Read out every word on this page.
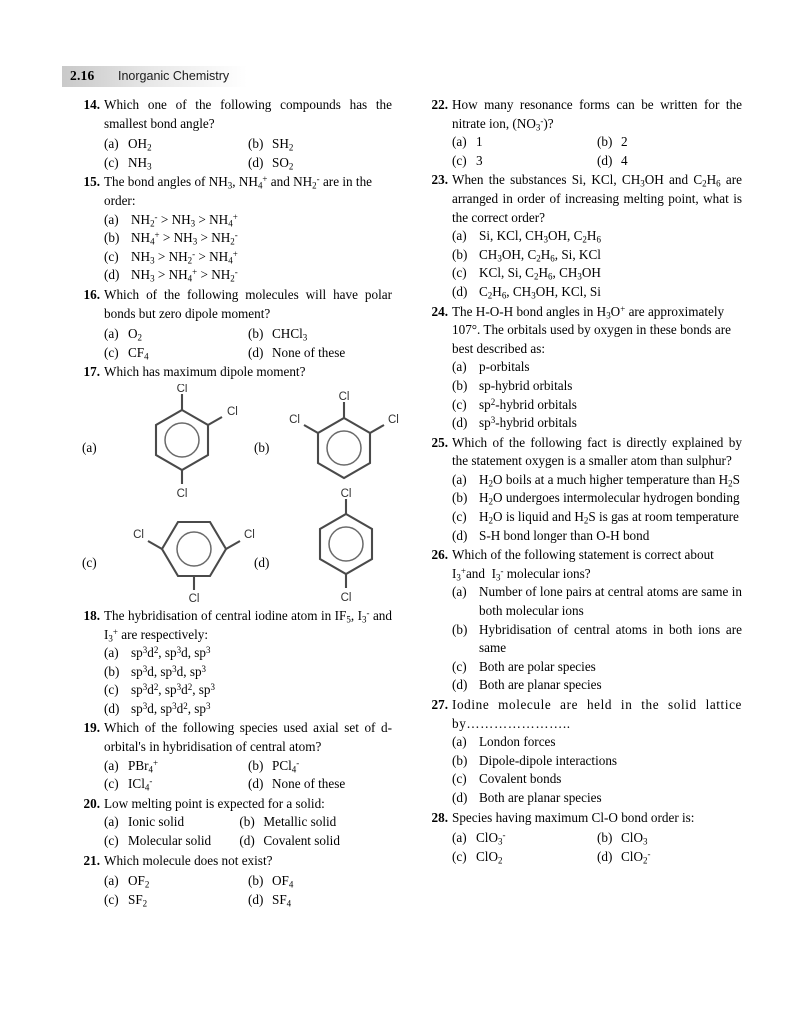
2.16 Inorganic Chemistry
14. Which one of the following compounds has the smallest bond angle?
(a) $OH_2$	(b) $SH_2$
(c) $NH_3$	(d) $SO_2$
15. The bond angles of $NH_3$, $NH_4^+$ and $NH_2^-$ are in the order:
(a) $NH_2^- > NH_3 > NH_4^+$
(b) $NH_4^+ > NH_3 > NH_2^-$
(c) $NH_3 > NH_2^- > NH_4^+$
(d) $NH_3 > NH_4^+ > NH_2^-$
16. Which of the following molecules will have polar bonds but zero dipole moment?
(a) $O_2$	(b) CHCl$_3$
(c) $CF_4$	(d) None of these
17. Which has maximum dipole moment?
(a)
Cl
Cl
Cl
(b)
Cl
Cl	Cl
(c)
Cl	Cl
Cl
(d)
Cl
Cl
18. The hybridisation of central iodine atom in $IF_5$, $I_3^-$ and $I_3^+$ are respectively:
(a) $sp^3d^2$, $sp^3d$, $sp^3$
(b) $sp^3d$, $sp^3d$, $sp^3$
(c) $sp^3d^2$, $sp^3d^2$, $sp^3$
(d) $sp^3d$, $sp^3d^2$, $sp^3$
19. Which of the following species used axial set of d-orbital's in hybridisation of central atom?
(a) PBr$_4$+	(b) PCl$_4$-
(c) ICl$_4$-	(d) None of these
20. Low melting point is expected for a solid:
(a) Ionic solid	(b) Metallic solid
(c) Molecular solid	(d) Covalent solid
21. Which molecule does not exist?
(a) $OF_2$	(b) $OF_4$
(c) $SF_2$	(d) $SF_4$
22. How many resonance forms can be written for the nitrate ion, $(NO_3^-)$?
(a) 1	(b) 2
(c) 3	(d) 4
23. When the substances Si, KCl, $CH_3OH$ and $C_2H_6$ are arranged in order of increasing melting point, what is the correct order?
(a) Si, KCl, $CH_3OH$, $C_2H_6$
(b) $CH_3OH$, $C_2H_6$, Si, KCl
(c) KCl, Si, $C_2H_6$, $CH_3OH$
(d) $C_2H_6$, $CH_3OH$, KCl, Si
24. The H-O-H bond angles in $H_3O^+$ are approximately 107°. The orbitals used by oxygen in these bonds are best described as:
(a) p-orbitals
(b) sp-hybrid orbitals
(c) $sp^2$-hybrid orbitals
(d) $sp^3$-hybrid orbitals
25. Which of the following fact is directly explained by the statement oxygen is a smaller atom than sulphur?
(a) $H_2O$ boils at a much higher temperature than $H_2S$
(b) $H_2O$ undergoes intermolecular hydrogen bonding
(c) $H_2O$ is liquid and $H_2S$ is gas at room temperature
(d) S-H bond longer than O-H bond
26. Which of the following statement is correct about $I_3^+and$  $I_3^-$ molecular ions?
(a) Number of lone pairs at central atoms are same in both molecular ions
(b) Hybridisation of central atoms in both ions are same
(c) Both are polar species
(d) Both are planar species
27. Iodine molecule are held in the solid lattice by…………………..
(a) London forces
(b) Dipole-dipole interactions
(c) Covalent bonds
(d) Both are planar species
28. Species having maximum Cl-O bond order is:
(a) ClO$_3$-	(b) ClO$_3$
(c) ClO$_2$	(d) ClO$_2$-
